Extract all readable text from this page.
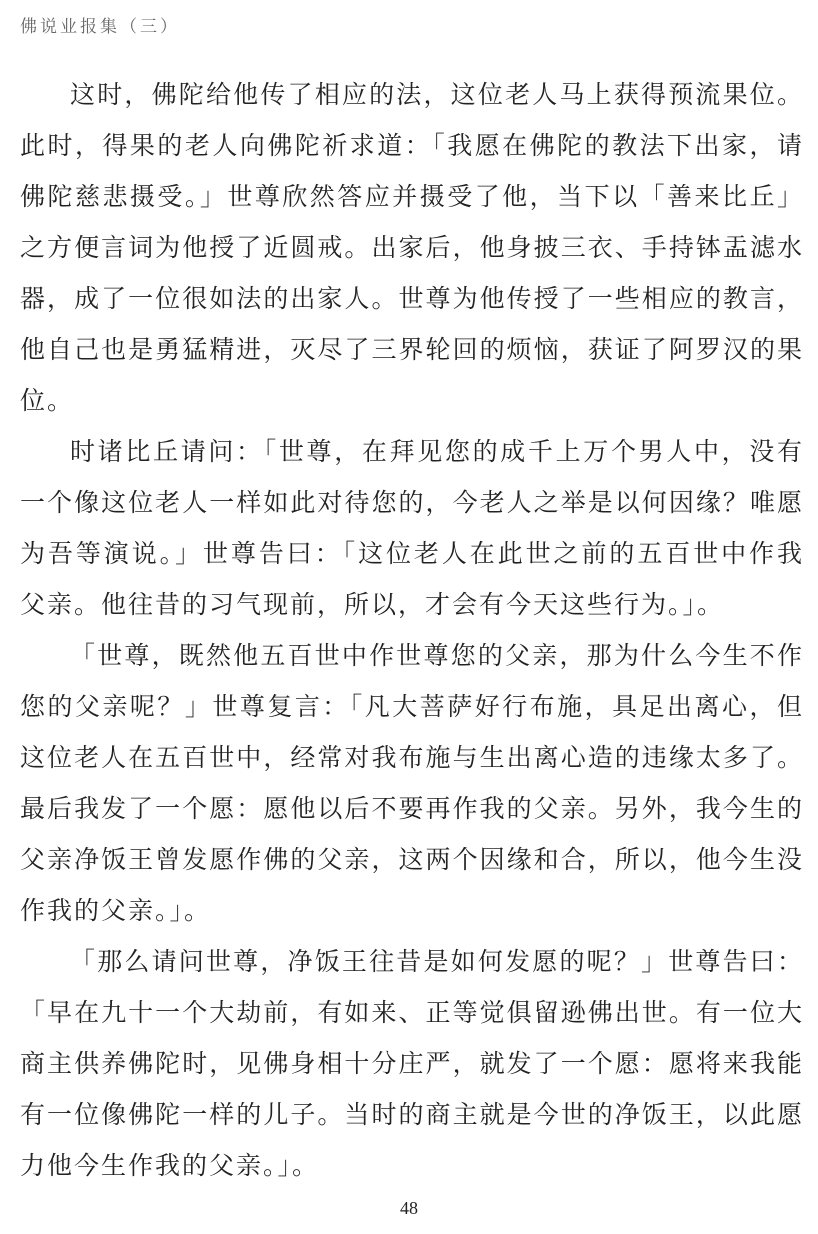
佛说业报集（三）
这时，佛陀给他传了相应的法，这位老人马上获得预流果位。
此时，得果的老人向佛陀祈求道：「我愿在佛陀的教法下出家，请
佛陀慈悲摄受。」世尊欣然答应并摄受了他，当下以「善来比丘」
之方便言词为他授了近圆戒。出家后，他身披三衣、手持钵盂滤水
器，成了一位很如法的出家人。世尊为他传授了一些相应的教言，
他自己也是勇猛精进，灭尽了三界轮回的烦恼，获证了阿罗汉的果
位。
时诸比丘请问：「世尊，在拜见您的成千上万个男人中，没有
一个像这位老人一样如此对待您的，今老人之举是以何因缘？唯愿
为吾等演说。」世尊告曰：「这位老人在此世之前的五百世中作我
父亲。他往昔的习气现前，所以，才会有今天这些行为。」。
「世尊，既然他五百世中作世尊您的父亲，那为什么今生不作
您的父亲呢？」世尊复言：「凡大菩萨好行布施，具足出离心，但
这位老人在五百世中，经常对我布施与生出离心造的违缘太多了。
最后我发了一个愿：愿他以后不要再作我的父亲。另外，我今生的
父亲净饭王曾发愿作佛的父亲，这两个因缘和合，所以，他今生没
作我的父亲。」。
「那么请问世尊，净饭王往昔是如何发愿的呢？」世尊告曰：
「早在九十一个大劫前，有如来、正等觉俱留逊佛出世。有一位大
商主供养佛陀时，见佛身相十分庄严，就发了一个愿：愿将来我能
有一位像佛陀一样的儿子。当时的商主就是今世的净饭王，以此愿
力他今生作我的父亲。」。
48
